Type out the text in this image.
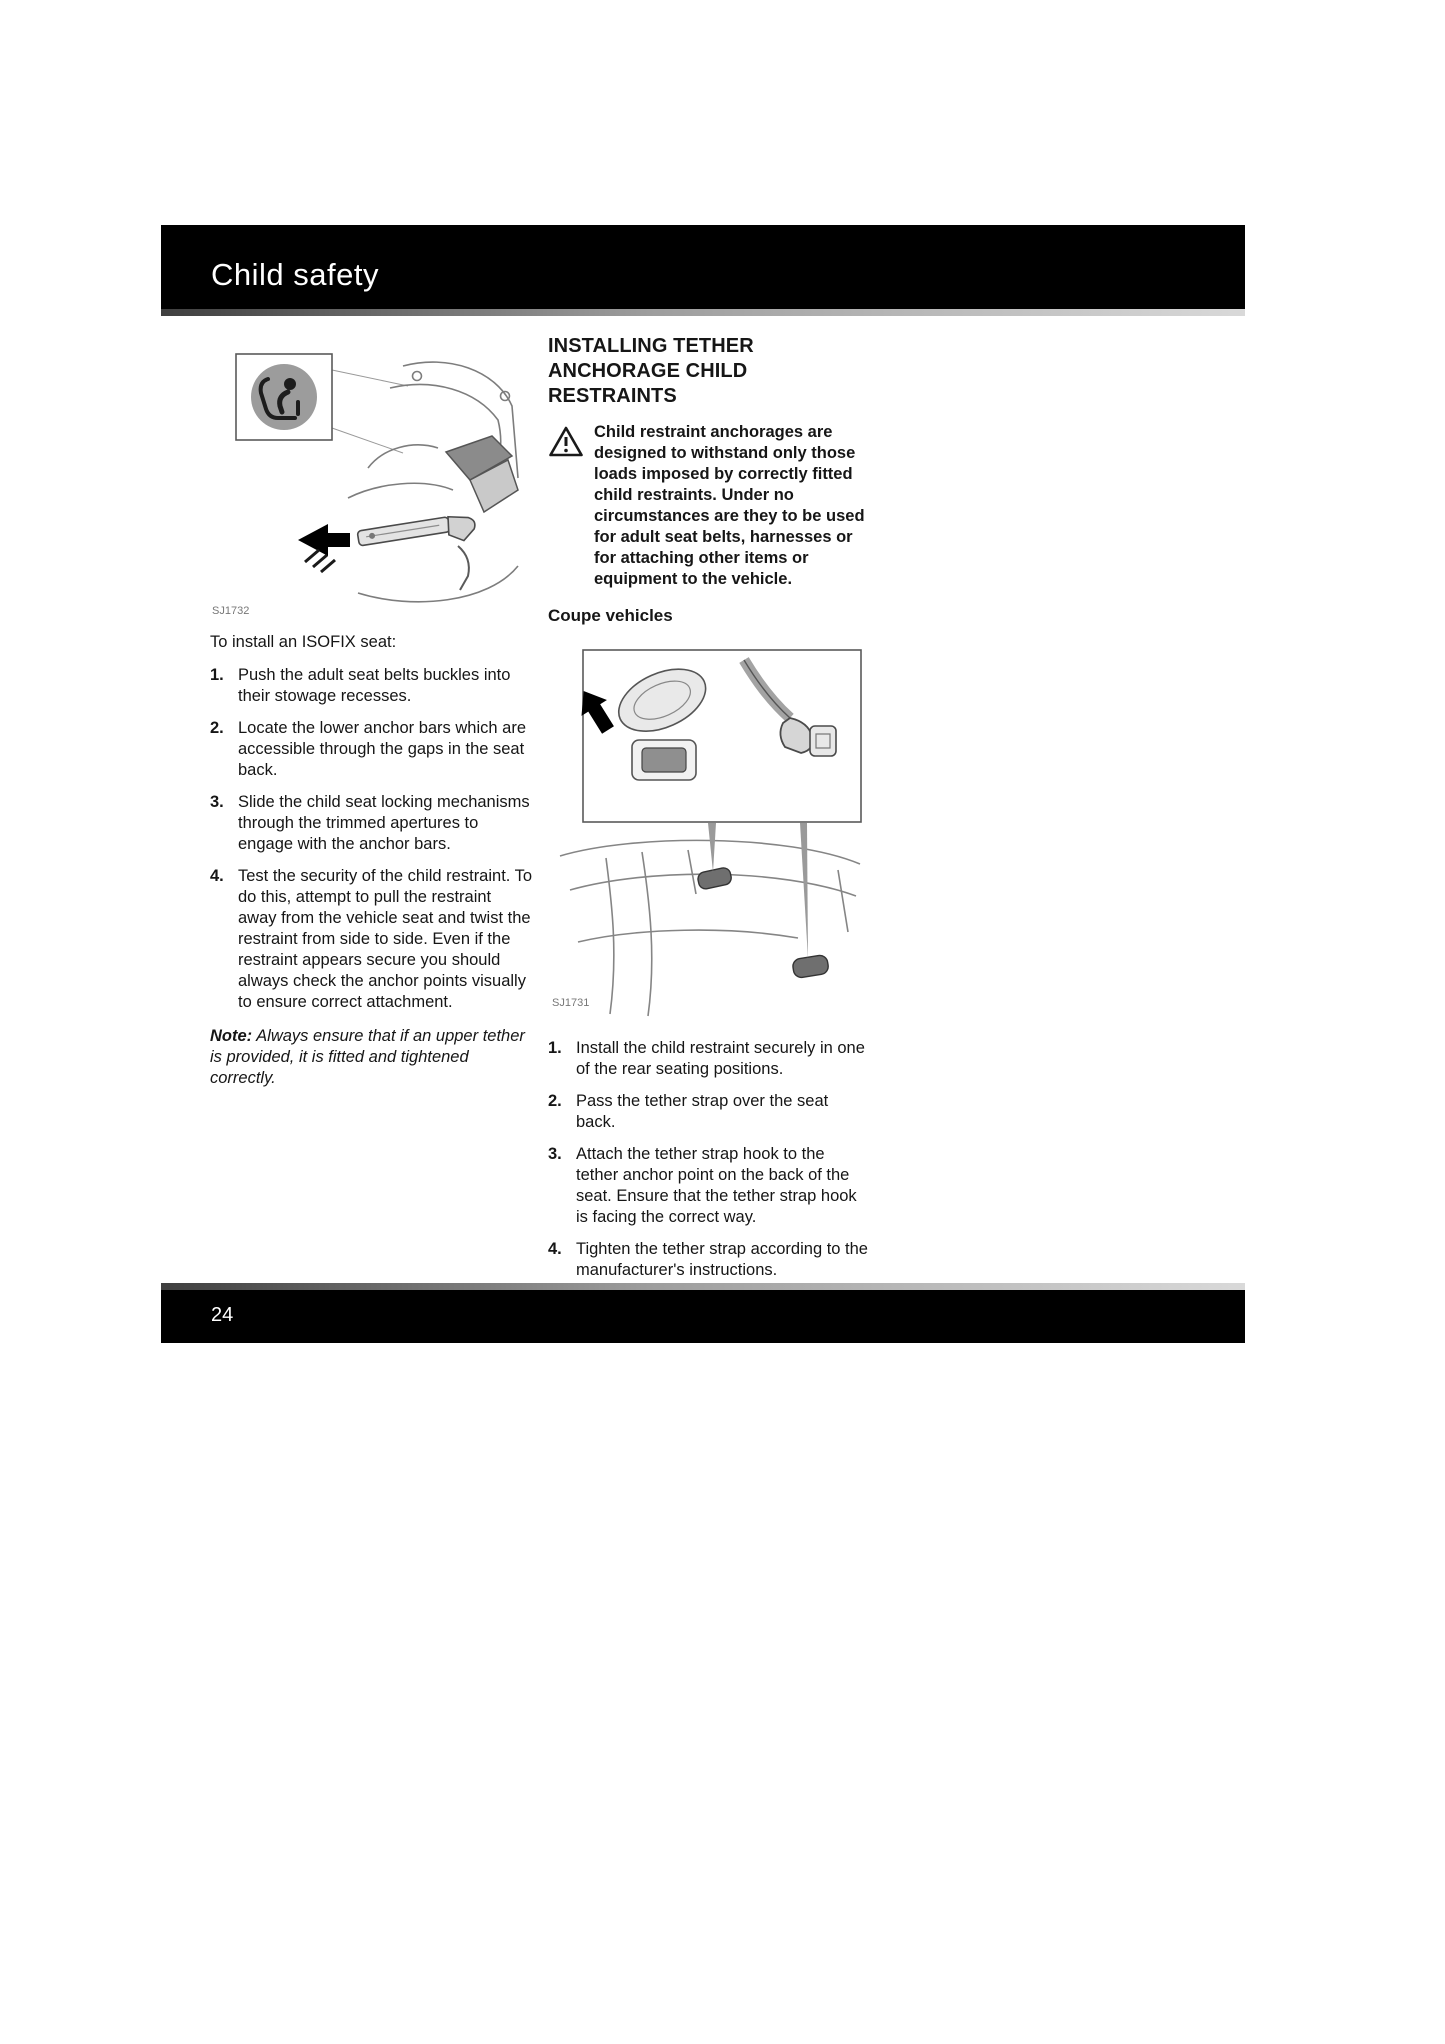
Child safety
SJ1732

To install an ISOFIX seat:

1. Push the adult seat belts buckles into their stowage recesses.
2. Locate the lower anchor bars which are accessible through the gaps in the seat back.
3. Slide the child seat locking mechanisms through the trimmed apertures to engage with the anchor bars.
4. Test the security of the child restraint. To do this, attempt to pull the restraint away from the vehicle seat and twist the restraint from side to side. Even if the restraint appears secure you should always check the anchor points visually to ensure correct attachment.

Note: Always ensure that if an upper tether is provided, it is fitted and tightened correctly.

INSTALLING TETHER ANCHORAGE CHILD RESTRAINTS
Child restraint anchorages are designed to withstand only those loads imposed by correctly fitted child restraints. Under no circumstances are they to be used for adult seat belts, harnesses or for attaching other items or equipment to the vehicle.
Coupe vehicles
SJ1731
1. Install the child restraint securely in one of the rear seating positions.
2. Pass the tether strap over the seat back.
3. Attach the tether strap hook to the tether anchor point on the back of the seat. Ensure that the tether strap hook is facing the correct way.
4. Tighten the tether strap according to the manufacturer's instructions.
24
